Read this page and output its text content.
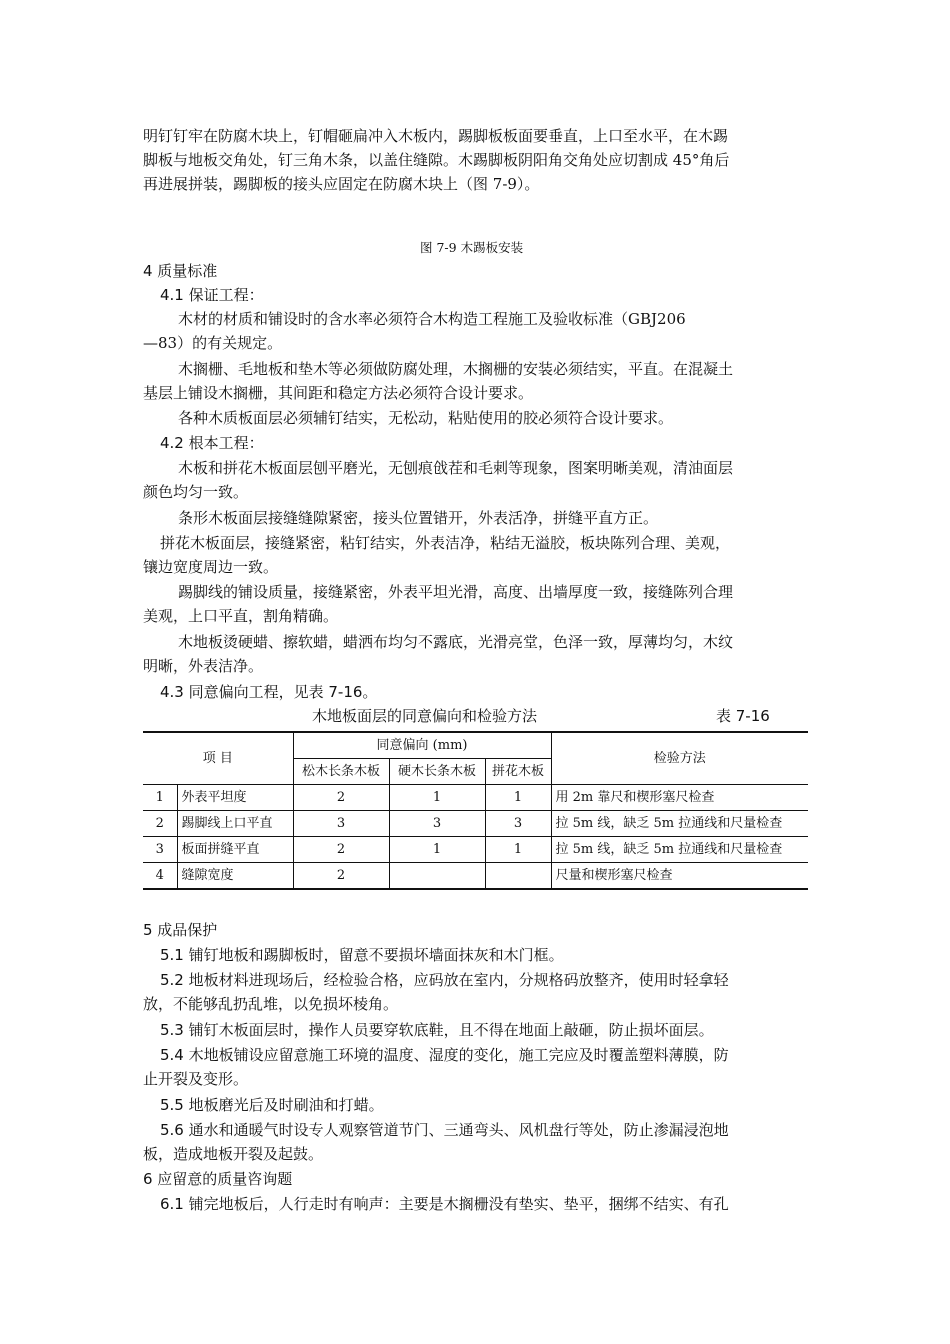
明钉钉牢在防腐木块上，钉帽砸扁冲入木板内，踢脚板板面要垂直，上口至水平，在木踢
脚板与地板交角处，钉三角木条，以盖住缝隙。木踢脚板阴阳角交角处应切割成 45°角后
再进展拼装，踢脚板的接头应固定在防腐木块上（图 7-9）。
图 7-9 木踢板安装
4 质量标准
4.1 保证工程：
木材的材质和铺设时的含水率必须符合木构造工程施工及验收标准（GBJ206
—83）的有关规定。
木搁栅、毛地板和垫木等必须做防腐处理，木搁栅的安装必须结实，平直。在混凝土
基层上铺设木搁栅，其间距和稳定方法必须符合设计要求。
各种木质板面层必须辅钉结实，无松动，粘贴使用的胶必须符合设计要求。
4.2 根本工程：
木板和拼花木板面层刨平磨光，无刨痕戗茬和毛刺等现象，图案明晰美观，清油面层
颜色均匀一致。
条形木板面层接缝缝隙紧密，接头位置错开，外表活净，拼缝平直方正。
拼花木板面层，接缝紧密，粘钉结实，外表洁净，粘结无溢胶，板块陈列合理、美观，
镶边宽度周边一致。
踢脚线的铺设质量，接缝紧密，外表平坦光滑，高度、出墙厚度一致，接缝陈列合理
美观，上口平直，割角精确。
木地板烫硬蜡、擦软蜡，蜡洒布均匀不露底，光滑亮堂，色泽一致，厚薄均匀，木纹
明晰，外表洁净。
4.3 同意偏向工程，见表 7-16。
木地板面层的同意偏向和检验方法	表 7-16
项 目		同意偏向 (mm)			检验方法
		松木长条木板	硬木长条木板	拼花木板	
1	外表平坦度	2	1	1	用 2m 靠尺和楔形塞尺检查
2	踢脚线上口平直	3	3	3	拉 5m 线，缺乏 5m 拉通线和尺量检查
3	板面拼缝平直	2	1	1	拉 5m 线，缺乏 5m 拉通线和尺量检查
4	缝隙宽度	2			尺量和楔形塞尺检查
5 成品保护
5.1 铺钉地板和踢脚板时，留意不要损坏墙面抹灰和木门框。
5.2 地板材料进现场后，经检验合格，应码放在室内，分规格码放整齐，使用时轻拿轻
放，不能够乱扔乱堆，以免损坏棱角。
5.3 铺钉木板面层时，操作人员要穿软底鞋，且不得在地面上敲砸，防止损坏面层。
5.4 木地板铺设应留意施工环境的温度、湿度的变化，施工完应及时覆盖塑料薄膜，防
止开裂及变形。
5.5 地板磨光后及时刷油和打蜡。
5.6 通水和通暖气时设专人观察管道节门、三通弯头、风机盘行等处，防止渗漏浸泡地
板，造成地板开裂及起鼓。
6 应留意的质量咨询题
6.1 铺完地板后，人行走时有响声：主要是木搁栅没有垫实、垫平，捆绑不结实、有孔
